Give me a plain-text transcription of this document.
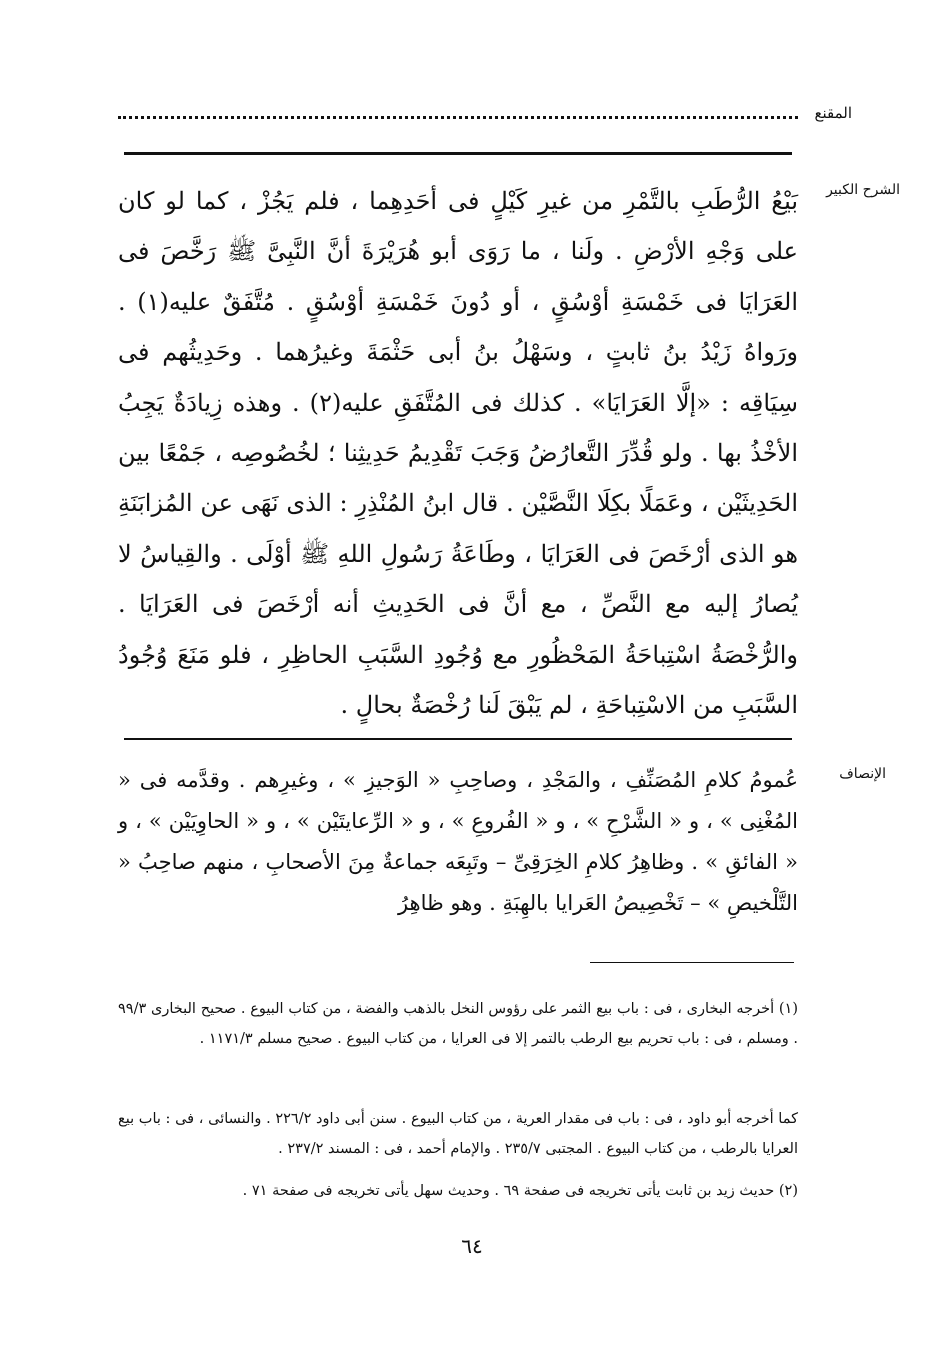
المقنع
الشرح الكبير
بَيْعُ الرُّطَبِ بالتَّمْرِ من غيرِ كَيْلٍ فى أحَدِهِما ، فلم يَجُزْ ، كما لو كان على وَجْهِ الأرْضِ . ولَنا ، ما رَوَى أبو هُرَيْرَةَ أنَّ النَّبِىَّ ﷺ رَخَّصَ فى العَرَايَا فى خَمْسَةِ أوْسُقٍ ، أو دُونَ خَمْسَةِ أوْسُقٍ . مُتَّفَقٌ عليه(١) . ورَواهُ زَيْدُ بنُ ثابتٍ ، وسَهْلُ بنُ أبى حَثْمَةَ وغيرُهما . وحَدِيثُهم فى سِيَاقِه : «إلَّا العَرَايَا» . كذلك فى المُتَّفَقِ عليه(٢) . وهذه زِيادَةٌ يَجِبُ الأخْذُ بها . ولو قُدِّرَ التَّعارُضُ وَجَبَ تَقْدِيمُ حَدِيثِنا ؛ لخُصُوصِه ، جَمْعًا بين الحَدِيثَيْن ، وعَمَلًا بكِلَا النَّصَّيْن . قال ابنُ المُنْذِرِ : الذى نَهَى عن المُزابَنَةِ هو الذى أرْخَصَ فى العَرَايَا ، وطَاعَةُ رَسُولِ اللهِ ﷺ أوْلَى . والقِياسُ لا يُصارُ إليه مع النَّصِّ ، مع أنَّ فى الحَدِيثِ أنه أرْخَصَ فى العَرَايَا . والرُّخْصَةُ اسْتِباحَةُ المَحْظُورِ مع وُجُودِ السَّبَبِ الحاظِرِ ، فلو مَنَعَ وُجُودُ السَّبَبِ من الاسْتِباحَةِ ، لم يَبْقَ لَنا رُخْصَةٌ بحالٍ .
الإنصاف
عُمومُ كلامِ المُصَنِّفِ ، والمَجْدِ ، وصاحِبِ « الوَجيزِ » ، وغيرِهم . وقدَّمه فى « المُغْنِى » ، و « الشَّرْحِ » ، و « الفُروعِ » ، و « الرِّعايتَيْن » ، و « الحاوِيَيْن » ، و « الفائقِ » . وظاهِرُ كلامِ الخِرَقِىِّ – وتَبِعَه جماعةٌ مِنَ الأصحابِ ، منهم صاحِبُ « التَّلْخيصِ » – تَخْصِيصُ العَرايا بالهِبَةِ . وهو ظاهِرُ
(١) أخرجه البخارى ، فى : باب بيع الثمر على رؤوس النخل بالذهب والفضة ، من كتاب البيوع . صحيح البخارى ٩٩/٣ . ومسلم ، فى : باب تحريم بيع الرطب بالتمر إلا فى العرايا ، من كتاب البيوع . صحيح مسلم ١١٧١/٣ .
كما أخرجه أبو داود ، فى : باب فى مقدار العرية ، من كتاب البيوع . سنن أبى داود ٢٢٦/٢ . والنسائى ، فى : باب بيع العرايا بالرطب ، من كتاب البيوع . المجتبى ٢٣٥/٧ . والإمام أحمد ، فى : المسند ٢٣٧/٢ .
(٢) حديث زيد بن ثابت يأتى تخريجه فى صفحة ٦٩ . وحديث سهل يأتى تخريجه فى صفحة ٧١ .
٦٤
